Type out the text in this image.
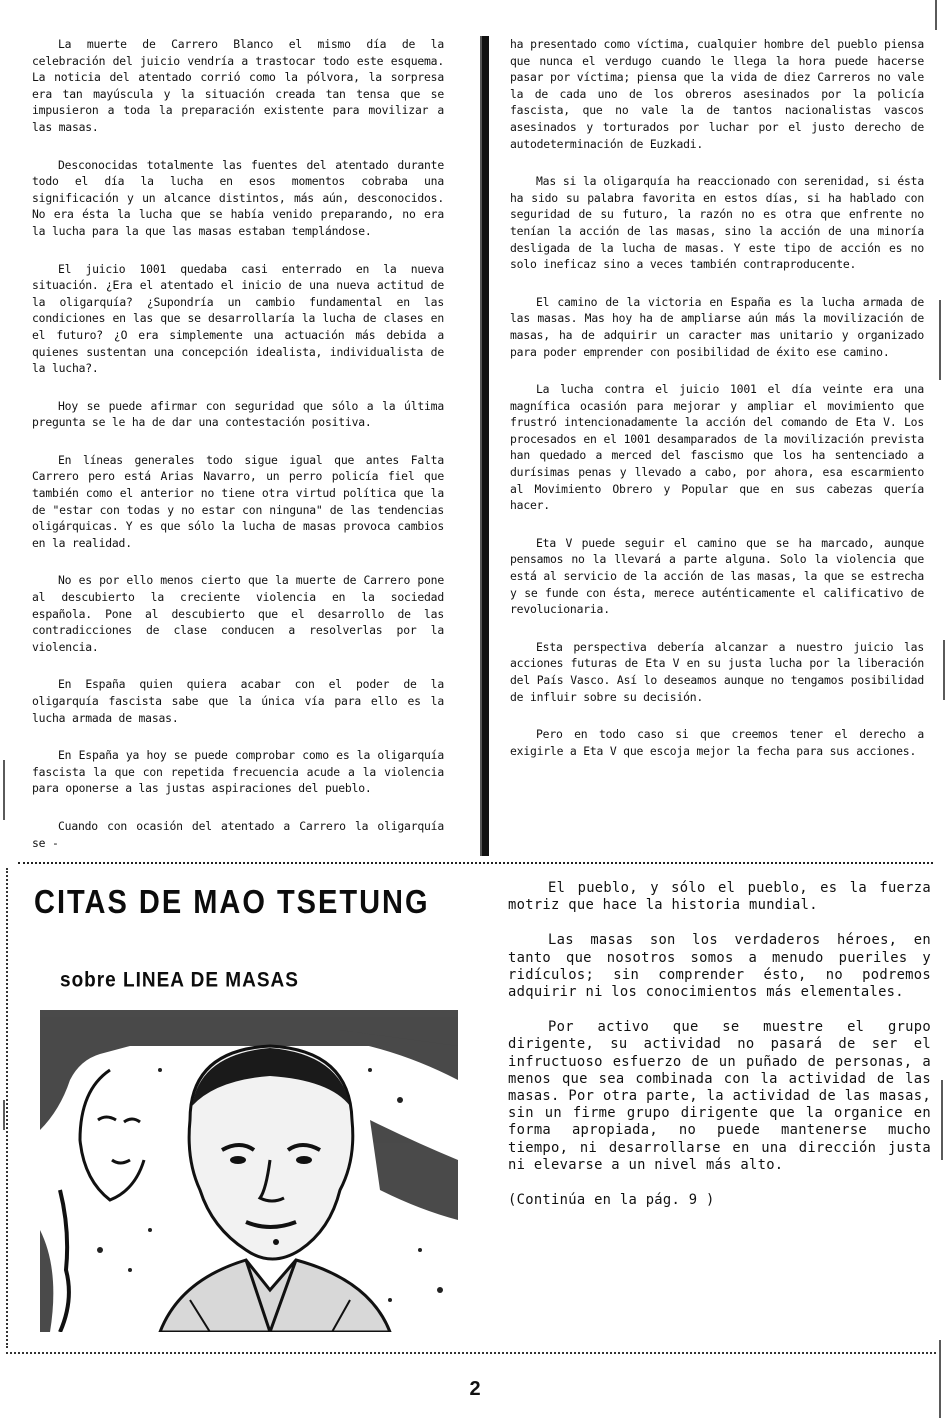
La muerte de Carrero Blanco el mismo día de la celebración del juicio vendría a trastocar todo este esquema. La noticia del atentado corrió como la pólvora, la sorpresa era tan mayúscula y la situación creada tan tensa que se impusieron a toda la preparación existente para movilizar a las masas.

Desconocidas totalmente las fuentes del atentado durante todo el día la lucha en esos momentos cobraba una significación y un alcance distintos, más aún, desconocidos. No era ésta la lucha que se había venido preparando, no era la lucha para la que las masas estaban templándose.

El juicio 1001 quedaba casi enterrado en la nueva situación. ¿Era el atentado el inicio de una nueva actitud de la oligarquía? ¿Supondría un cambio fundamental en las condiciones en las que se desarrollaría la lucha de clases en el futuro? ¿O era simplemente una actuación más debida a quienes sustentan una concepción idealista, individualista de la lucha?.

Hoy se puede afirmar con seguridad que sólo a la última pregunta se le ha de dar una contestación positiva.

En líneas generales todo sigue igual que antes Falta Carrero pero está Arias Navarro, un perro policía fiel que también como el anterior no tiene otra virtud política que la de "estar con todas y no estar con ninguna" de las tendencias oligárquicas. Y es que sólo la lucha de masas provoca cambios en la realidad.

No es por ello menos cierto que la muerte de Carrero pone al descubierto la creciente violencia en la sociedad española. Pone al descubierto que el desarrollo de las contradicciones de clase conducen a resolverlas por la violencia.

En España quien quiera acabar con el poder de la oligarquía fascista sabe que la única vía para ello es la lucha armada de masas.

En España ya hoy se puede comprobar como es la oligarquía fascista la que con repetida frecuencia acude a la violencia para oponerse a las justas aspiraciones del pueblo.

Cuando con ocasión del atentado a Carrero la oligarquía se -

ha presentado como víctima, cualquier hombre del pueblo piensa que nunca el verdugo cuando le llega la hora puede hacerse pasar por víctima; piensa que la vida de diez Carreros no vale la de cada uno de los obreros asesinados por la policía fascista, que no vale la de tantos nacionalistas vascos asesinados y torturados por luchar por el justo derecho de autodeterminación de Euzkadi.

Mas si la oligarquía ha reaccionado con serenidad, si ésta ha sido su palabra favorita en estos días, si ha hablado con seguridad de su futuro, la razón no es otra que enfrente no tenían la acción de las masas, sino la acción de una minoría desligada de la lucha de masas. Y este tipo de acción es no solo ineficaz sino a veces también contraproducente.

El camino de la victoria en España es la lucha armada de las masas. Mas hoy ha de ampliarse aún más la movilización de masas, ha de adquirir un caracter mas unitario y organizado para poder emprender con posibilidad de éxito ese camino.

La lucha contra el juicio 1001 el día veinte era una magnífica ocasión para mejorar y ampliar el movimiento que frustró intencionadamente la acción del comando de Eta V. Los procesados en el 1001 desamparados de la movilización prevista han quedado a merced del fascismo que los ha sentenciado a durísimas penas y llevado a cabo, por ahora, esa escarmiento al Movimiento Obrero y Popular que en sus cabezas quería hacer.

Eta V puede seguir el camino que se ha marcado, aunque pensamos no la llevará a parte alguna. Solo la violencia que está al servicio de la acción de las masas, la que se estrecha y se funde con ésta, merece auténticamente el calificativo de revolucionaria.

Esta perspectiva debería alcanzar a nuestro juicio las acciones futuras de Eta V en su justa lucha por la liberación del País Vasco. Así lo deseamos aunque no tengamos posibilidad de influir sobre su decisión.

Pero en todo caso si que creemos tener el derecho a exigirle a Eta V que escoja mejor la fecha para sus acciones.

CITAS DE MAO TSETUNG
sobre LINEA DE MASAS

El pueblo, y sólo el pueblo, es la fuerza motriz que hace la historia mundial.

Las masas son los verdaderos héroes, en tanto que nosotros somos a menudo pueriles y ridículos; sin comprender ésto, no podremos adquirir ni los conocimientos más elementales.

Por activo que se muestre el grupo dirigente, su actividad no pasará de ser el infructuoso esfuerzo de un puñado de personas, a menos que sea combinada con la actividad de las masas. Por otra parte, la actividad de las masas, sin un firme grupo dirigente que la organice en forma apropiada, no puede mantenerse mucho tiempo, ni desarrollarse en una dirección justa ni elevarse a un nivel más alto.

(Continúa en la pág. 9 )

2
